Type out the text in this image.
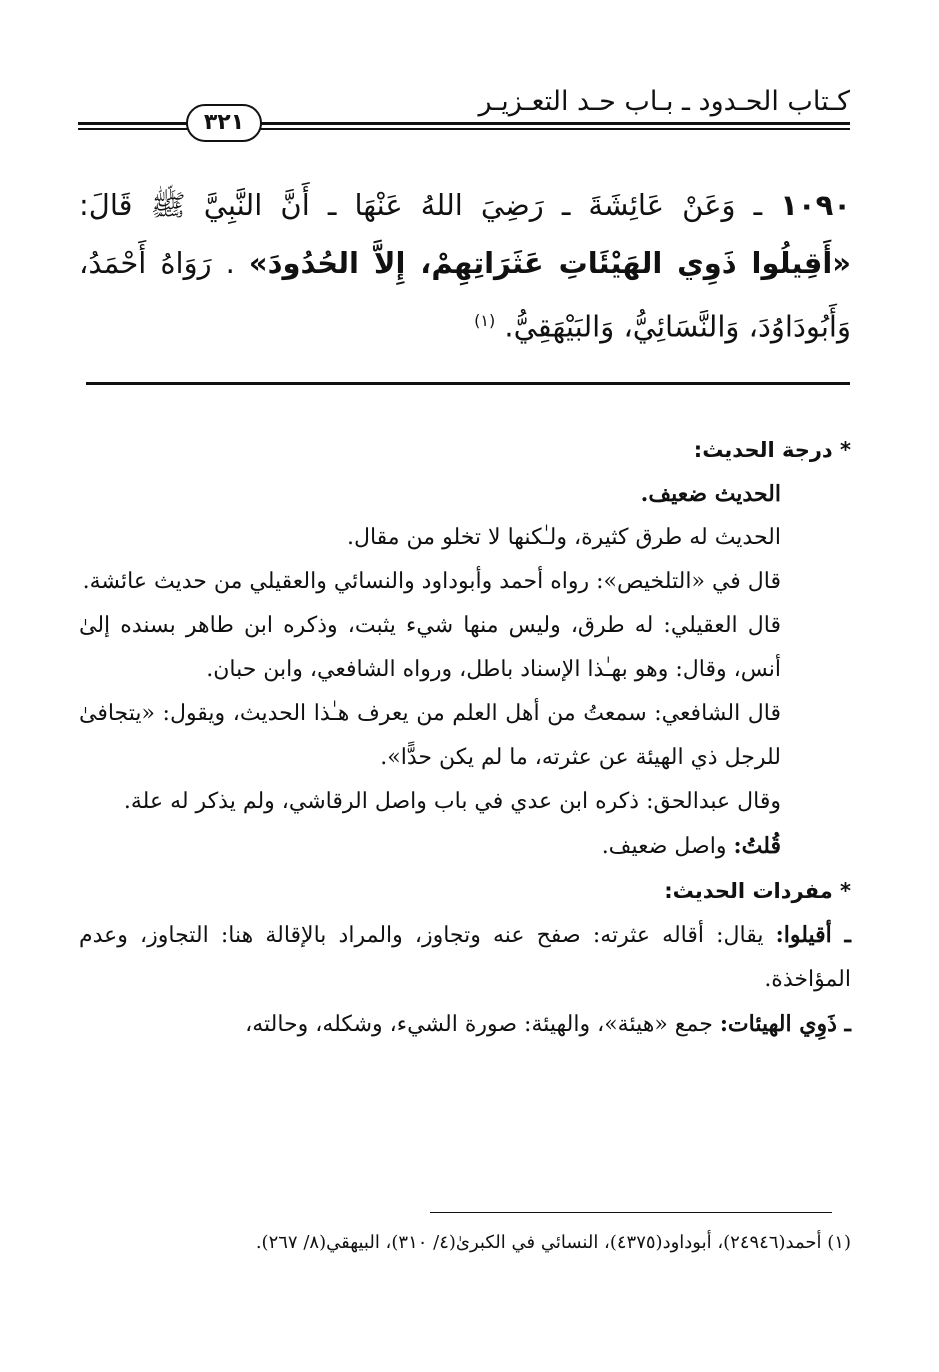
كـتاب الحـدود ـ بـاب حـد التعـزيـر
٣٢١
١٠٩٠ ـ وَعَنْ عَائِشَةَ ـ رَضِيَ اللهُ عَنْهَا ـ أَنَّ النَّبِيَّ ﷺ قَالَ: «أَقِيلُوا ذَوِي الهَيْئَاتِ عَثَرَاتِهِمْ، إِلاَّ الحُدُودَ» . رَوَاهُ أَحْمَدُ، وَأَبُودَاوُدَ، وَالنَّسَائِيُّ، وَالبَيْهَقِيُّ. $^{(١)}$

* درجة الحديث:

الحديث ضعيف.

الحديث له طرق كثيرة، ولـٰكنها لا تخلو من مقال.

قال في «التلخيص»: رواه أحمد وأبوداود والنسائي والعقيلي من حديث عائشة.

قال العقيلي: له طرق، وليس منها شيء يثبت، وذكره ابن طاهر بسنده إلىٰ أنس، وقال: وهو بهـٰذا الإسناد باطل، ورواه الشافعي، وابن حبان.

قال الشافعي: سمعتُ من أهل العلم من يعرف هـٰذا الحديث، ويقول: «يتجافىٰ للرجل ذي الهيئة عن عثرته، ما لم يكن حدًّا».

وقال عبدالحق: ذكره ابن عدي في باب واصل الرقاشي، ولم يذكر له علة.

قُلتُ: واصل ضعيف.

* مفردات الحديث:

ـ أقيلوا: يقال: أقاله عثرته: صفح عنه وتجاوز، والمراد بالإقالة هنا: التجاوز، وعدم المؤاخذة.

ـ ذَوِي الهيئات: جمع «هيئة»، والهيئة: صورة الشيء، وشكله، وحالته،

(١) أحمد(٢٤٩٤٦)، أبوداود(٤٣٧٥)، النسائي في الكبرىٰ(٤/ ٣١٠)، البيهقي(٨/ ٢٦٧).
